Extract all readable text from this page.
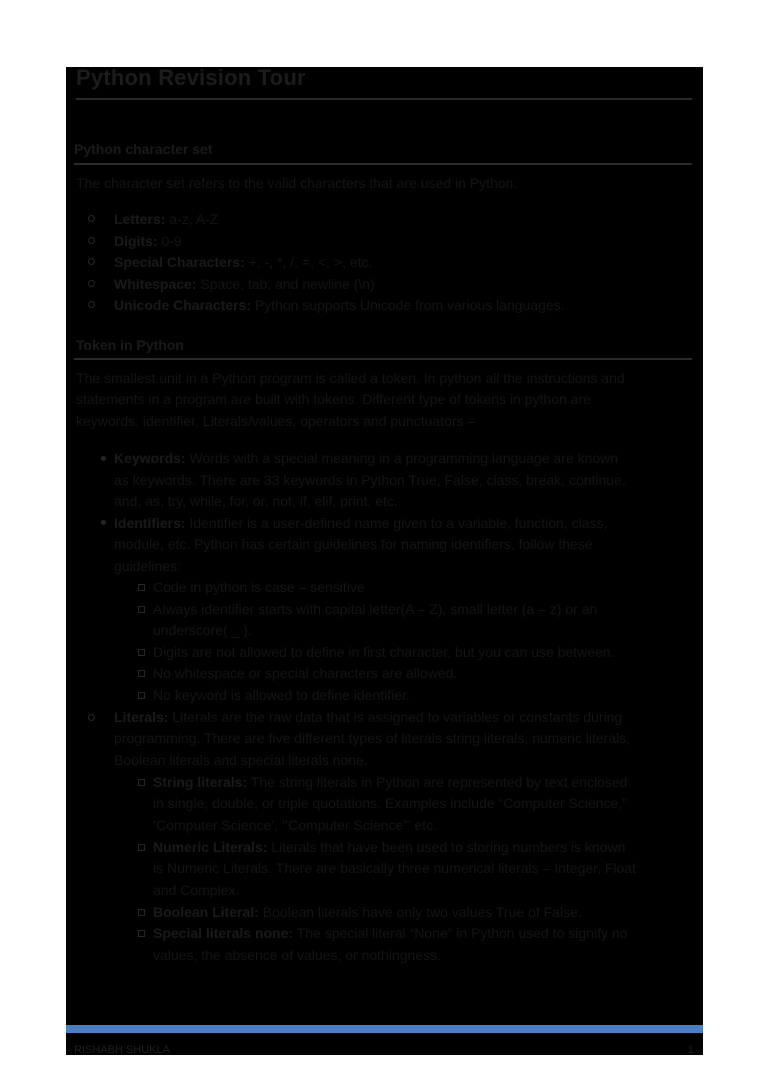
Python Revision Tour
Python character set
The character set refers to the valid characters that are used in Python.
Letters: a-z, A-Z
Digits: 0-9
Special Characters: +, -, *, /, =, <, >, etc.
Whitespace: Space, tab, and newline (\n)
Unicode Characters: Python supports Unicode from various languages.
Token in Python
The smallest unit in a Python program is called a token. In python all the instructions and
statements in a program are built with tokens. Different type of tokens in python are
keywords, identifier, Literals/values, operators and punctuators –
Keywords: Words with a special meaning in a programming language are known
as keywords. There are 33 keywords in Python True, False, class, break, continue,
and, as, try, while, for, or, not, if, elif, print, etc.
Identifiers: Identifier is a user-defined name given to a variable, function, class,
module, etc. Python has certain guidelines for naming identifiers, follow these
guidelines:
Code in python is case – sensitive
Always identifier starts with capital letter(A – Z), small letter (a – z) or an
underscore( _ ).
Digits are not allowed to define in first character, but you can use between.
No whitespace or special characters are allowed.
No keyword is allowed to define identifier.
Literals: Literals are the raw data that is assigned to variables or constants during
programming. There are five different types of literals string literals, numeric literals,
Boolean literals and special literals none.
String literals: The string literals in Python are represented by text enclosed
in single, double, or triple quotations. Examples include “Computer Science,”
‘Computer Science’, ’’Computer Science”’ etc.
Numeric Literals: Literals that have been used to storing numbers is known
is Numeric Literals. There are basically three numerical literals – Integer, Float
and Complex.
Boolean Literal: Boolean literals have only two values True of False.
Special literals none: The special literal “None” in Python used to signify no
values, the absence of values, or nothingness.
RISHABH SHUKLA	1
